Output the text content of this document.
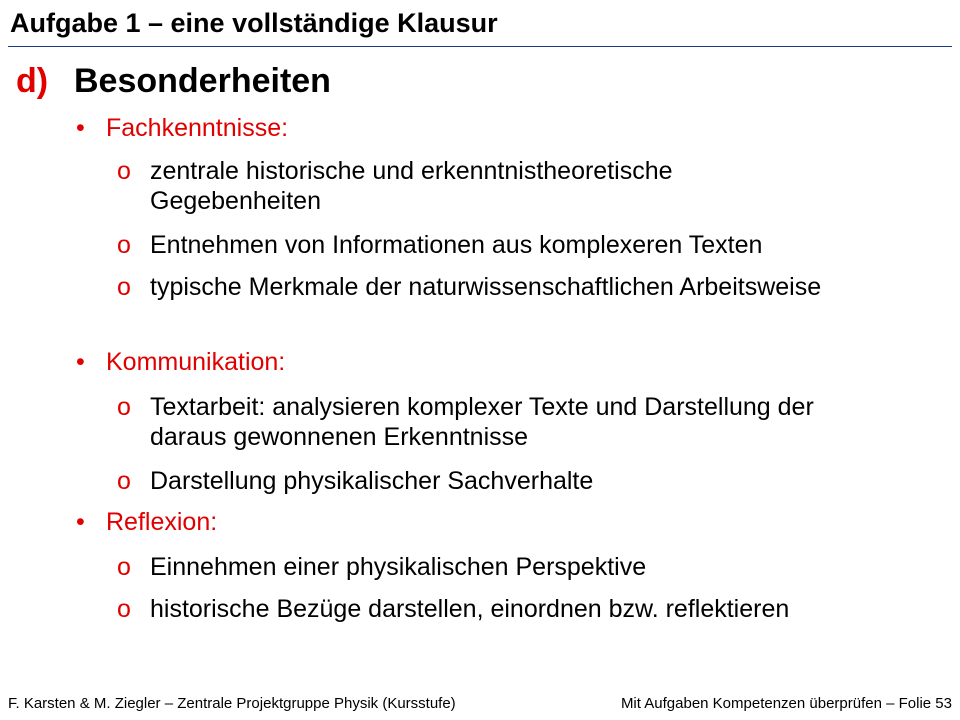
Aufgabe 1 – eine vollständige Klausur
d) Besonderheiten
• Fachkenntnisse:
o zentrale historische und erkenntnistheoretische Gegebenheiten
o Entnehmen von Informationen aus komplexeren Texten
o typische Merkmale der naturwissenschaftlichen Arbeitsweise
• Kommunikation:
o Textarbeit: analysieren komplexer Texte und Darstellung der daraus gewonnenen Erkenntnisse
o Darstellung physikalischer Sachverhalte
• Reflexion:
o Einnehmen einer physikalischen Perspektive
o historische Bezüge darstellen, einordnen bzw. reflektieren
F. Karsten & M. Ziegler – Zentrale Projektgruppe Physik (Kursstufe)	Mit Aufgaben Kompetenzen überprüfen – Folie 53
